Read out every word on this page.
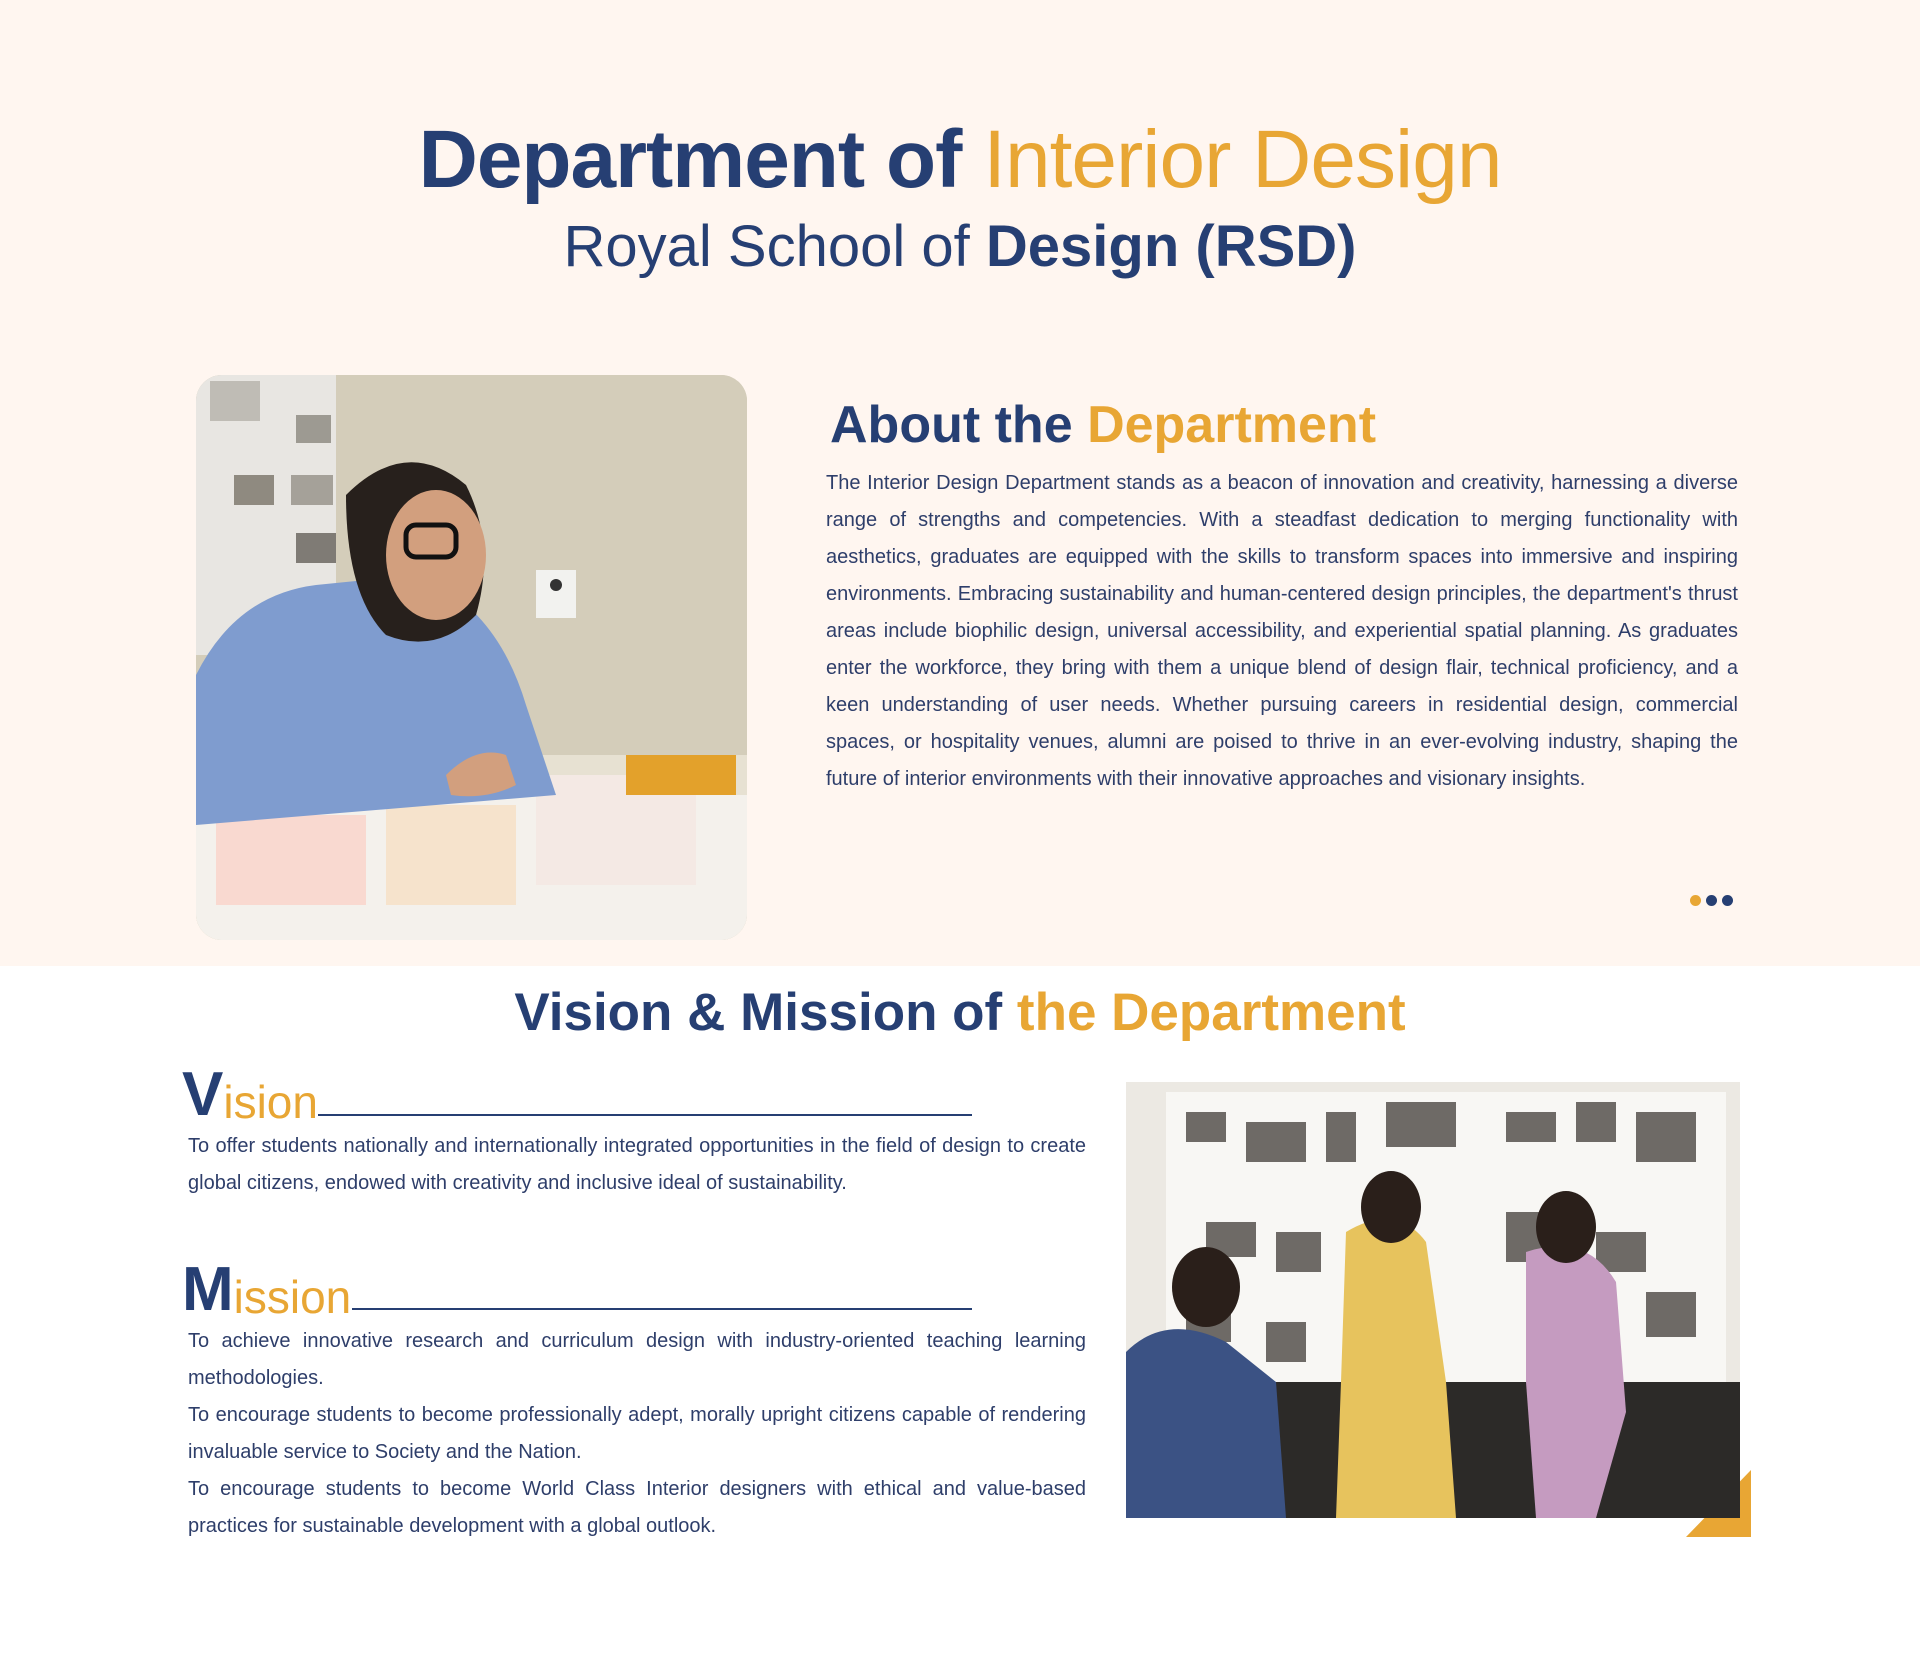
Department of Interior Design
Royal School of Design (RSD)
About the Department

The Interior Design Department stands as a beacon of innovation and creativity, harnessing a diverse range of strengths and competencies. With a steadfast dedication to merging functionality with aesthetics, graduates are equipped with the skills to transform spaces into immersive and inspiring environments. Embracing sustainability and human-centered design principles, the department's thrust areas include biophilic design, universal accessibility, and experiential spatial planning. As graduates enter the workforce, they bring with them a unique blend of design flair, technical proficiency, and a keen understanding of user needs. Whether pursuing careers in residential design, commercial spaces, or hospitality venues, alumni are poised to thrive in an ever-evolving industry, shaping the future of interior environments with their innovative approaches and visionary insights.

Vision & Mission of the Department
V ision

To offer students nationally and internationally integrated opportunities in the field of design to create global citizens, endowed with creativity and inclusive ideal of sustainability.

M ission

To achieve innovative research and curriculum design with industry-oriented teaching learning methodologies.

To encourage students to become professionally adept, morally upright citizens capable of rendering invaluable service to Society and the Nation.

To encourage students to become World Class Interior designers with ethical and value-based practices for sustainable development with a global outlook.
